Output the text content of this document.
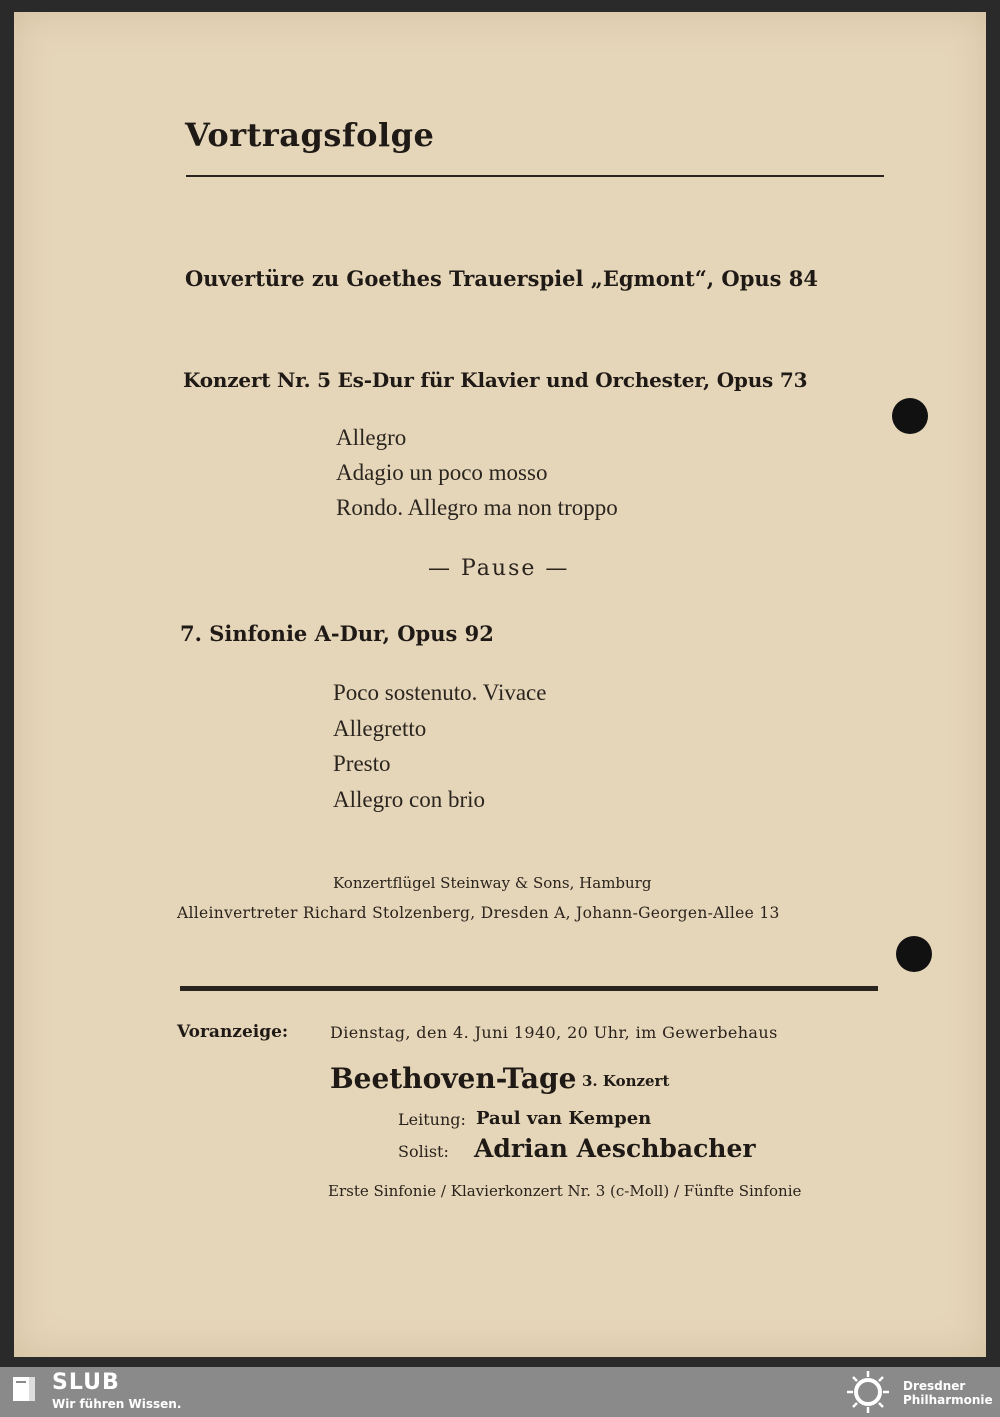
Vortragsfolge
Ouvertüre zu Goethes Trauerspiel „Egmont“, Opus 84
Konzert Nr. 5 Es-Dur für Klavier und Orchester, Opus 73
Allegro
Adagio un poco mosso
Rondo. Allegro ma non troppo
— Pause —
7. Sinfonie A-Dur, Opus 92
Poco sostenuto. Vivace
Allegretto
Presto
Allegro con brio
Konzertflügel Steinway & Sons, Hamburg
Alleinvertreter Richard Stolzenberg, Dresden A, Johann-Georgen-Allee 13
Voranzeige:	Dienstag, den 4. Juni 1940, 20 Uhr, im Gewerbehaus
Beethoven-Tage 3. Konzert
Leitung: Paul van Kempen
Solist: Adrian Aeschbacher
Erste Sinfonie / Klavierkonzert Nr. 3 (c-Moll) / Fünfte Sinfonie
SLUB
Wir führen Wissen.
Dresdner
Philharmonie
